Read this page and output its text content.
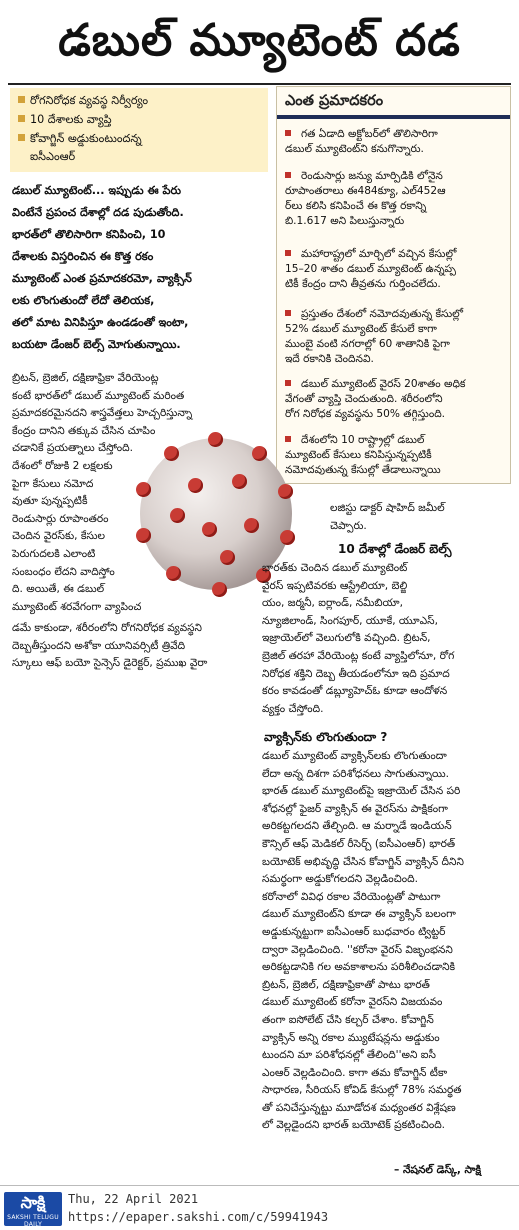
డబుల్ మ్యూటెంట్ దడ
రోగనిరోధక వ్యవస్థ నిర్వీర్యం
10 దేశాలకు వ్యాప్తి
కోవాగ్జిన్ అడ్డుకుంటుందన్న
ఐసీఎంఆర్
డబుల్ మ్యూటెంట్... ఇప్పుడు ఈ పేరు
వింటేనే ప్రపంచ దేశాల్లో దడ పుడుతోంది.
భారత్‌లో తొలిసారిగా కనిపించి, 10
దేశాలకు విస్తరించిన ఈ కొత్త రకం
మ్యూటెంట్ ఎంత ప్రమాదకరమో, వ్యాక్సిన్
లకు లొంగుతుందో లేదో తెలియక,
తలో మాట వినిపిస్తూ ఉండడంతో ఇంటా,
బయటా డేంజర్ బెల్స్ మోగుతున్నాయి.
ఎంత ప్రమాదకరం
గత ఏడాది అక్టోబర్‌లో తొలిసారిగా
డబుల్ మ్యూటెంట్‌ని కనుగొన్నారు.
రెండుసార్లు జన్యు మార్పిడికి లోనైన
రూపాంతరాలు ఈ484క్యూ, ఎల్452ఆ
ర్‌లు కలిసి కనిపించే ఈ కొత్త రకాన్ని
బి.1.617 అని పిలుస్తున్నారు
మహారాష్ట్రలో మార్చిలో వచ్చిన కేసుల్లో
15–20 శాతం డబుల్ మ్యూటెంట్ ఉన్నప్ప
టికీ కేంద్రం దాని తీవ్రతను గుర్తించలేదు.
ప్రస్తుతం దేశంలో నమోదవుతున్న కేసుల్లో
52% డబుల్ మ్యూటెంట్ కేసులే కాగా
ముంబై వంటి నగరాల్లో 60 శాతానికి పైగా
ఇదే రకానికి చెందినవి.
డబుల్ మ్యూటెంట్ వైరస్ 20శాతం అధిక
వేగంతో వ్యాప్తి చెందుతుంది. శరీరంలోని
రోగ నిరోధక వ్యవస్థను 50% తగ్గిస్తుంది.
దేశంలోని 10 రాష్ట్రాల్లో డబుల్
మ్యూటెంట్ కేసులు కనిపిస్తున్నప్పటికీ
నమోదవుతున్న కేసుల్లో తేడాలున్నాయి
బ్రిటన్, బ్రెజిల్, దక్షిణాఫ్రికా వేరియెంట్ల
కంటే భారత్‌లో డబుల్ మ్యూటెంట్ మరింత
ప్రమాదకరమైనదని శాస్త్రవేత్తలు హెచ్చరిస్తున్నా
కేంద్రం దానిని తక్కువ చేసిన చూపిం
చడానికే ప్రయత్నాలు చేస్తోంది.
దేశంలో రోజుకి 2 లక్షలకు
పైగా కేసులు నమోద
వుతూ పున్నప్పటికీ
రెండుసార్లు రూపాంతరం
చెందిన వైరస్‌కు, కేసుల
పెరుగుదలకి ఎలాంటి
సంబంధం లేదని వాదిస్తోం
ది. అయితే, ఈ డబుల్
మ్యూటెంట్ శరవేగంగా వ్యాపించ
డమే కాకుండా, శరీరంలోని రోగనిరోధక వ్యవస్థని
దెబ్బతీస్తుందని అశోకా యూనివర్సిటీ త్రివేది
స్కూలు ఆఫ్ బయో సైన్సెస్ డైరెక్టర్, ప్రముఖ వైరా
లజిస్టు డాక్టర్ షాహిద్ జమీల్
చెప్పారు.
10 దేశాల్లో డేంజర్ బెల్స్
భారత్‌కు చెందిన డబుల్ మ్యూటెంట్
వైరస్ ఇప్పటివరకు ఆస్ట్రేలియా, బెల్జి
యం, జర్మనీ, ఐర్లాండ్, నమీబియా,
న్యూజిలాండ్, సింగపూర్, యూకే, యూఎస్,
ఇజ్రాయెల్‌లో వెలుగులోకి వచ్చింది. బ్రిటన్,
బ్రెజిల్ తరహా వేరియెంట్ల కంటే వ్యాప్తిలోనూ, రోగ
నిరోధక శక్తిని దెబ్బ తీయడంలోనూ ఇది ప్రమాద
కరం కావడంతో డబ్ల్యూహెచ్‌ఓ కూడా ఆందోళన
వ్యక్తం చేస్తోంది.
వ్యాక్సిన్‌కు లొంగుతుందా ?
డబుల్ మ్యూటెంట్ వ్యాక్సిన్‌లకు లొంగుతుందా
లేదా అన్న దిశగా పరిశోధనలు సాగుతున్నాయి.
భారత్ డబుల్ మ్యూటెంట్‌పై ఇజ్రాయెల్ చేసిన పరి
శోధనల్లో ఫైజర్ వ్యాక్సిన్ ఈ వైరస్‌ను పాక్షికంగా
అరికట్టగలదని తేల్చింది. ఆ మర్నాడే ఇండియన్
కౌన్సిల్ ఆఫ్ మెడికల్ రీసెర్చ్ (ఐసీఎంఆర్) భారత్
బయోటెక్ అభివృద్ధి చేసిన కోవాగ్జిన్ వ్యాక్సిన్ దీనిని
సమర్థంగా అడ్డుకోగలదని వెల్లడించింది.
కరోనాలో వివిధ రకాల వేరియెంట్లతో పాటుగా
డబుల్ మ్యూటెంట్‌ని కూడా ఈ వ్యాక్సిన్ బలంగా
అడ్డుకున్నట్టుగా ఐసీఎంఆర్ బుధవారం ట్విట్టర్
ద్వారా వెల్లడించింది. ''కరోనా వైరస్ విజృంభనని
అరికట్టడానికి గల అవకాశాలను పరిశీలించడానికి
బ్రిటన్, బ్రెజిల్, దక్షిణాఫ్రికాతో పాటు భారత్
డబుల్ మ్యూటెంట్ కరోనా వైరస్‌ని విజయవం
తంగా ఐసోలేట్ చేసి కల్చర్ చేశాం. కోవాగ్జిన్
వ్యాక్సిన్ అన్ని రకాల మ్యుటేషన్లను అడ్డుకుం
టుందని మా పరిశోధనల్లో తేలింది''అని ఐసీ
ఎంఆర్ వెల్లడించింది. కాగా తమ కోవాగ్జిన్ టీకా
సాధారణ, సీరియస్ కోవిడ్ కేసుల్లో 78% సమర్థత
తో పనిచేస్తున్నట్టు మూడోదశ మధ్యంతర విశ్లేషణ
లో వెల్లడైందని భారత్ బయోటెక్ ప్రకటించింది.
– నేషనల్ డెస్క్, సాక్షి
సాక్షి
SAKSHI TELUGU DAILY
Thu, 22 April 2021
https://epaper.sakshi.com/c/59941943
